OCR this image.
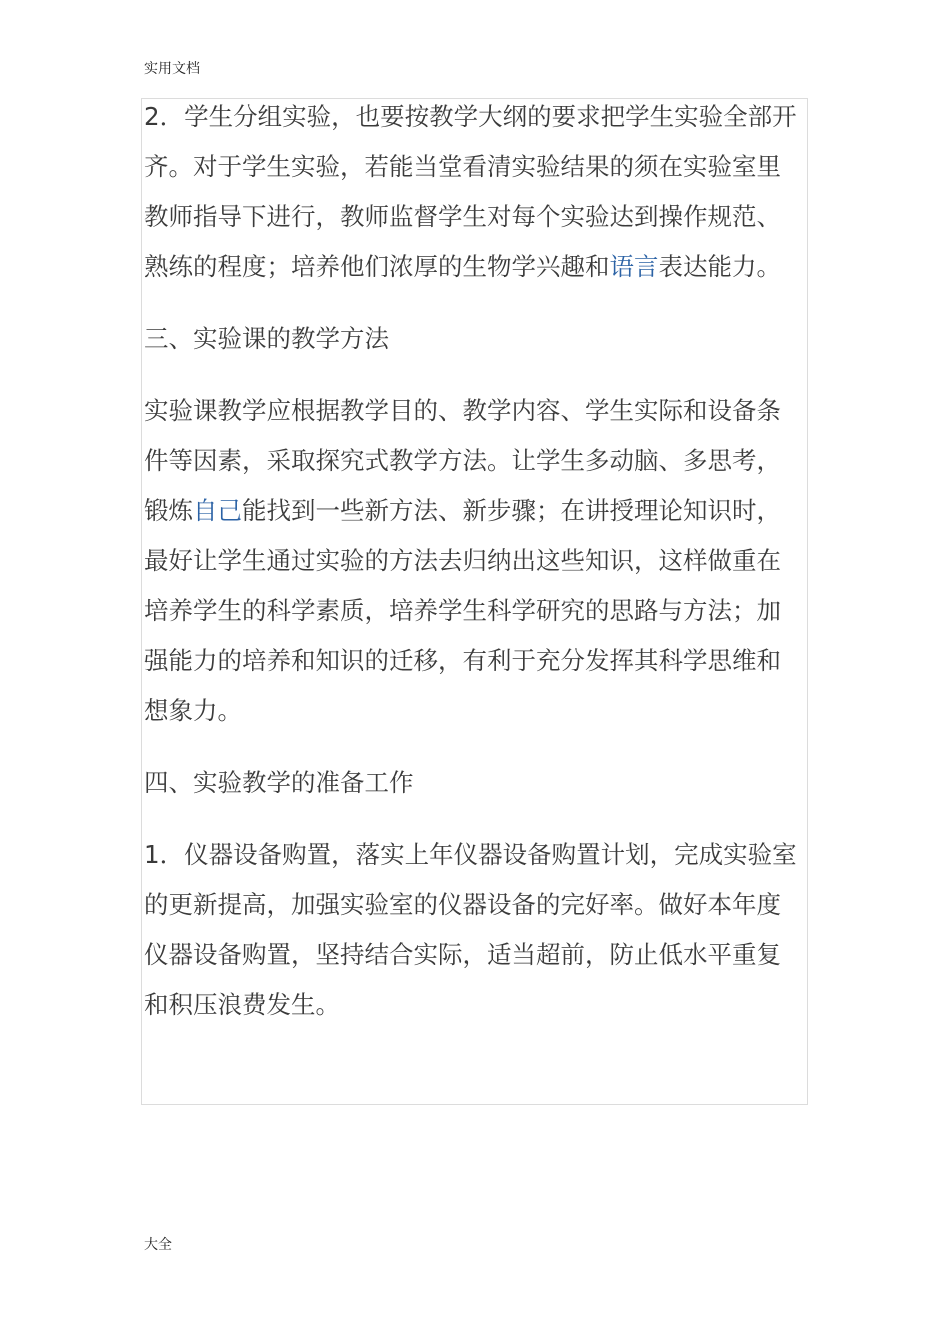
实用文档

2．学生分组实验，也要按教学大纲的要求把学生实验全部开齐。对于学生实验，若能当堂看清实验结果的须在实验室里教师指导下进行，教师监督学生对每个实验达到操作规范、熟练的程度；培养他们浓厚的生物学兴趣和语言表达能力。

三、实验课的教学方法

实验课教学应根据教学目的、教学内容、学生实际和设备条件等因素，采取探究式教学方法。让学生多动脑、多思考，锻炼自己能找到一些新方法、新步骤；在讲授理论知识时，最好让学生通过实验的方法去归纳出这些知识，这样做重在培养学生的科学素质，培养学生科学研究的思路与方法；加强能力的培养和知识的迁移，有利于充分发挥其科学思维和想象力。

四、实验教学的准备工作

1．仪器设备购置，落实上年仪器设备购置计划，完成实验室的更新提高，加强实验室的仪器设备的完好率。做好本年度仪器设备购置，坚持结合实际，适当超前，防止低水平重复和积压浪费发生。

大全
